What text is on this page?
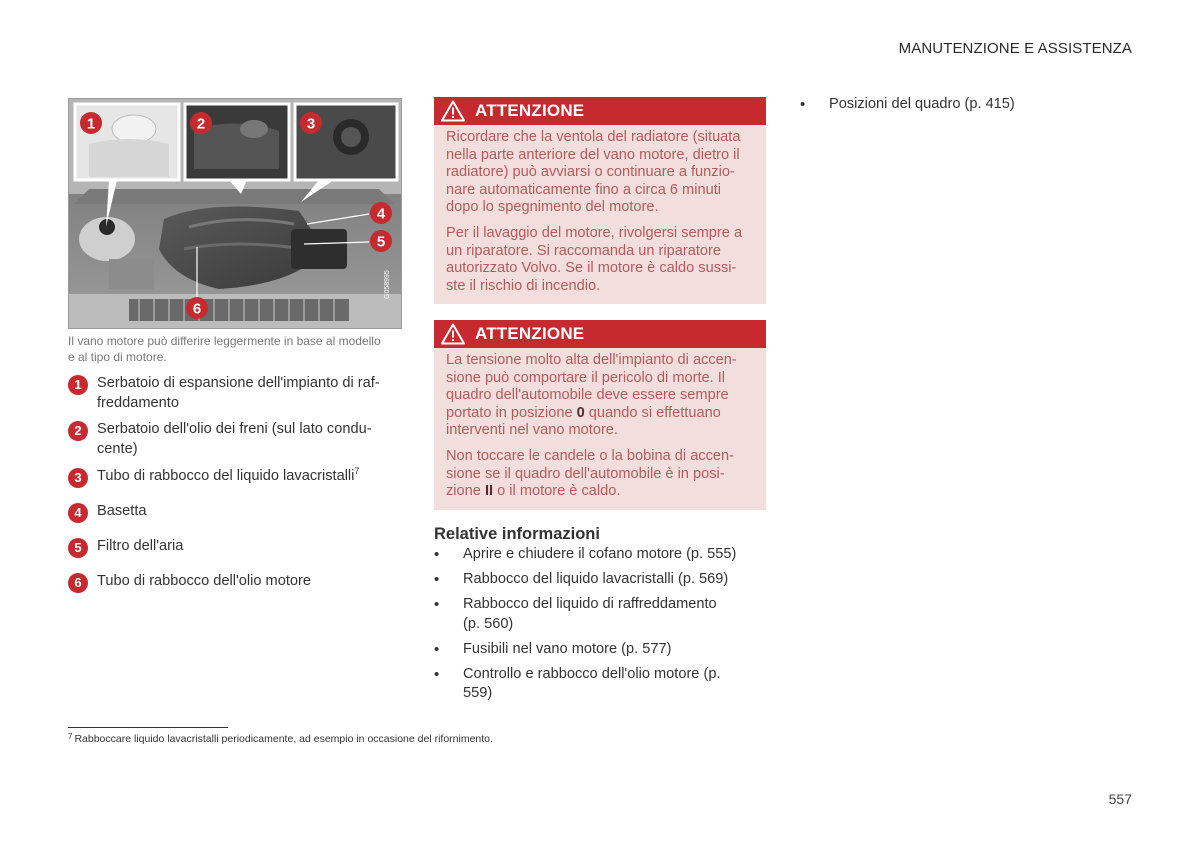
MANUTENZIONE E ASSISTENZA
1	2	3
4
5
6
G058995
Il vano motore può differire leggermente in base al modello e al tipo di motore.
1	Serbatoio di espansione dell'impianto di raf-freddamento
2	Serbatoio dell'olio dei freni (sul lato condu-cente)
3	Tubo di rabbocco del liquido lavacristalli$^7$
4	Basetta
5	Filtro dell'aria
6	Tubo di rabbocco dell'olio motore
ATTENZIONE

Ricordare che la ventola del radiatore (situata nella parte anteriore del vano motore, dietro il radiatore) può avviarsi o continuare a funzio-nare automaticamente fino a circa 6 minuti dopo lo spegnimento del motore.

Per il lavaggio del motore, rivolgersi sempre a un riparatore. Si raccomanda un riparatore autorizzato Volvo. Se il motore è caldo sussi-ste il rischio di incendio.

ATTENZIONE

La tensione molto alta dell'impianto di accen-sione può comportare il pericolo di morte. Il quadro dell'automobile deve essere sempre portato in posizione 0 quando si effettuano interventi nel vano motore.

Non toccare le candele o la bobina di accen-sione se il quadro dell'automobile è in posi-zione II o il motore è caldo.

Relative informazioni
• Aprire e chiudere il cofano motore (p. 555)
• Rabbocco del liquido lavacristalli (p. 569)
• Rabbocco del liquido di raffreddamento (p. 560)
• Fusibili nel vano motore (p. 577)
• Controllo e rabbocco dell'olio motore (p. 559)
• Posizioni del quadro (p. 415)
$^7$ Rabboccare liquido lavacristalli periodicamente, ad esempio in occasione del rifornimento.
557
